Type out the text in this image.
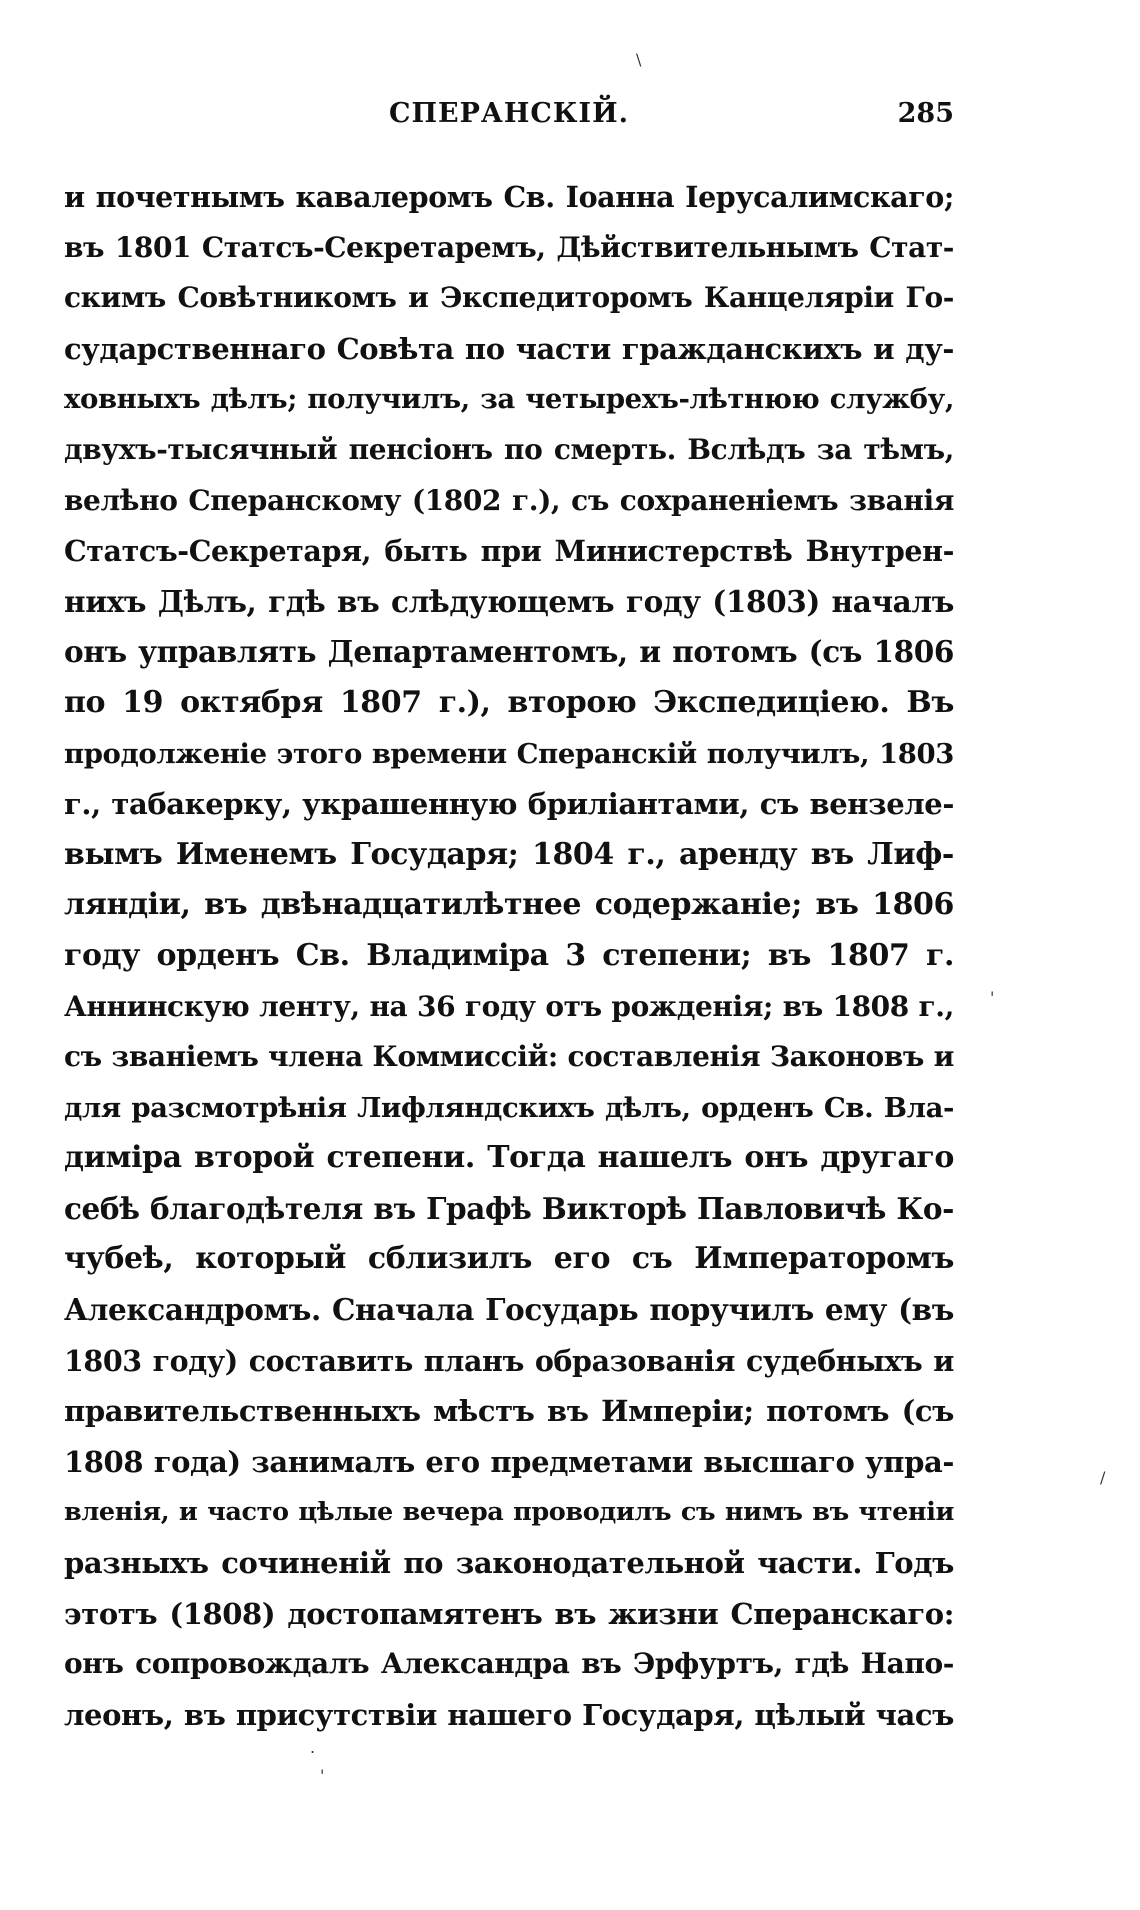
СПЕРАНСКІЙ.	285
и почетнымъ кавалеромъ Св. Іоанна Іерусалимскаго;
въ 1801 Статсъ-Секретаремъ, Дѣйствительнымъ Стат-
скимъ Совѣтникомъ и Экспедиторомъ Канцеляріи Го-
сударственнаго Совѣта по части гражданскихъ и ду-
ховныхъ дѣлъ; получилъ, за четырехъ-лѣтнюю службу,
двухъ-тысячный пенсіонъ по смерть. Вслѣдъ за тѣмъ,
велѣно Сперанскому (1802 г.), съ сохраненіемъ званія
Статсъ-Секретаря, быть при Министерствѣ Внутрен-
нихъ Дѣлъ, гдѣ въ слѣдующемъ году (1803) началъ
онъ управлять Департаментомъ, и потомъ (съ 1806
по 19 октября 1807 г.), второю Экспедиціею. Въ
продолженіе этого времени Сперанскій получилъ, 1803
г., табакерку, украшенную бриліантами, съ вензеле-
вымъ Именемъ Государя; 1804 г., аренду въ Лиф-
ляндіи, въ двѣнадцатилѣтнее содержаніе; въ 1806
году орденъ Св. Владиміра 3 степени; въ 1807 г.
Аннинскую ленту, на 36 году отъ рожденія; въ 1808 г.,
съ званіемъ члена Коммиссій: составленія Законовъ и
для разсмотрѣнія Лифляндскихъ дѣлъ, орденъ Св. Вла-
диміра второй степени. Тогда нашелъ онъ другаго
себѣ благодѣтеля въ Графѣ Викторѣ Павловичѣ Ко-
чубеѣ, который сблизилъ его съ Императоромъ
Александромъ. Сначала Государь поручилъ ему (въ
1803 году) составить планъ образованія судебныхъ и
правительственныхъ мѣстъ въ Имперіи; потомъ (съ
1808 года) занималъ его предметами высшаго упра-
вленія, и часто цѣлые вечера проводилъ съ нимъ въ чтеніи
разныхъ сочиненій по законодательной части. Годъ
этотъ (1808) достопамятенъ въ жизни Сперанскаго:
онъ сопровождалъ Александра въ Эрфуртъ, гдѣ Напо-
леонъ, въ присутствіи нашего Государя, цѣлый часъ
\
'
/
.
'
